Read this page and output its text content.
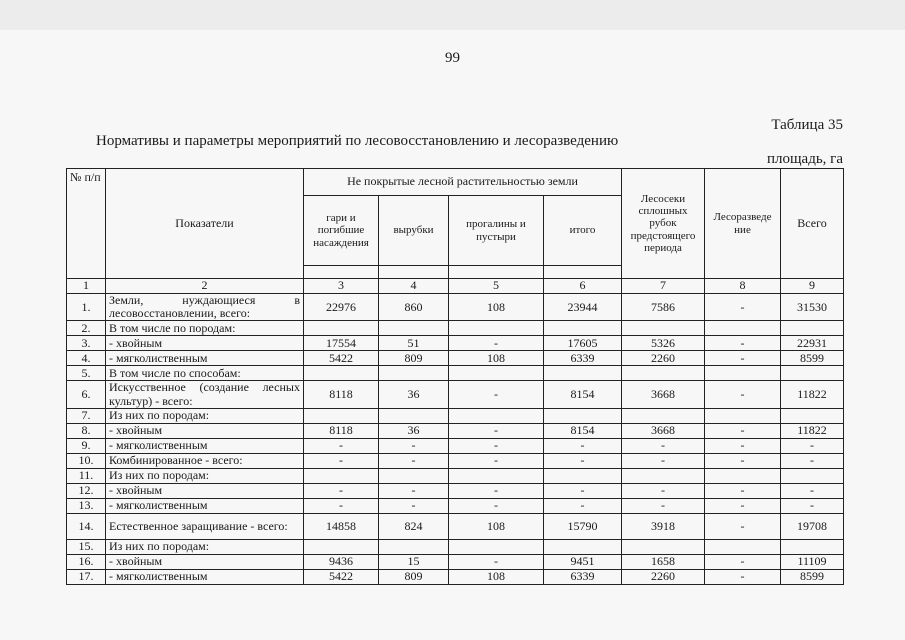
99
Таблица 35
Нормативы и параметры мероприятий по лесовосстановлению и лесоразведению
площадь, га
№ п/п	Показатели	Не покрытые лесной растительностью земли				Лесосеки сплошных рубок предстоящего периода	Лесоразведе ние	Всего
		гари и погибшие насаждения	вырубки	прогалины и пустыри	итого			

1	2	3	4	5	6	7	8	9
1.	Земли, нуждающиеся в лесовосстановлении, всего:	22976	860	108	23944	7586	-	31530
2.	В том числе по породам:							
3.	- хвойным	17554	51	-	17605	5326	-	22931
4.	- мягколиственным	5422	809	108	6339	2260	-	8599
5.	В том числе по способам:							
6.	Искусственное (создание лесных культур) - всего:	8118	36	-	8154	3668	-	11822
7.	Из них по породам:							
8.	- хвойным	8118	36	-	8154	3668	-	11822
9.	- мягколиственным	-	-	-	-	-	-	-
10.	Комбинированное - всего:	-	-	-	-	-	-	-
11.	Из них по породам:							
12.	- хвойным	-	-	-	-	-	-	-
13.	- мягколиственным	-	-	-	-	-	-	-
14.	Естественное заращивание - всего:	14858	824	108	15790	3918	-	19708
15.	Из них по породам:							
16.	- хвойным	9436	15	-	9451	1658	-	11109
17.	- мягколиственным	5422	809	108	6339	2260	-	8599
